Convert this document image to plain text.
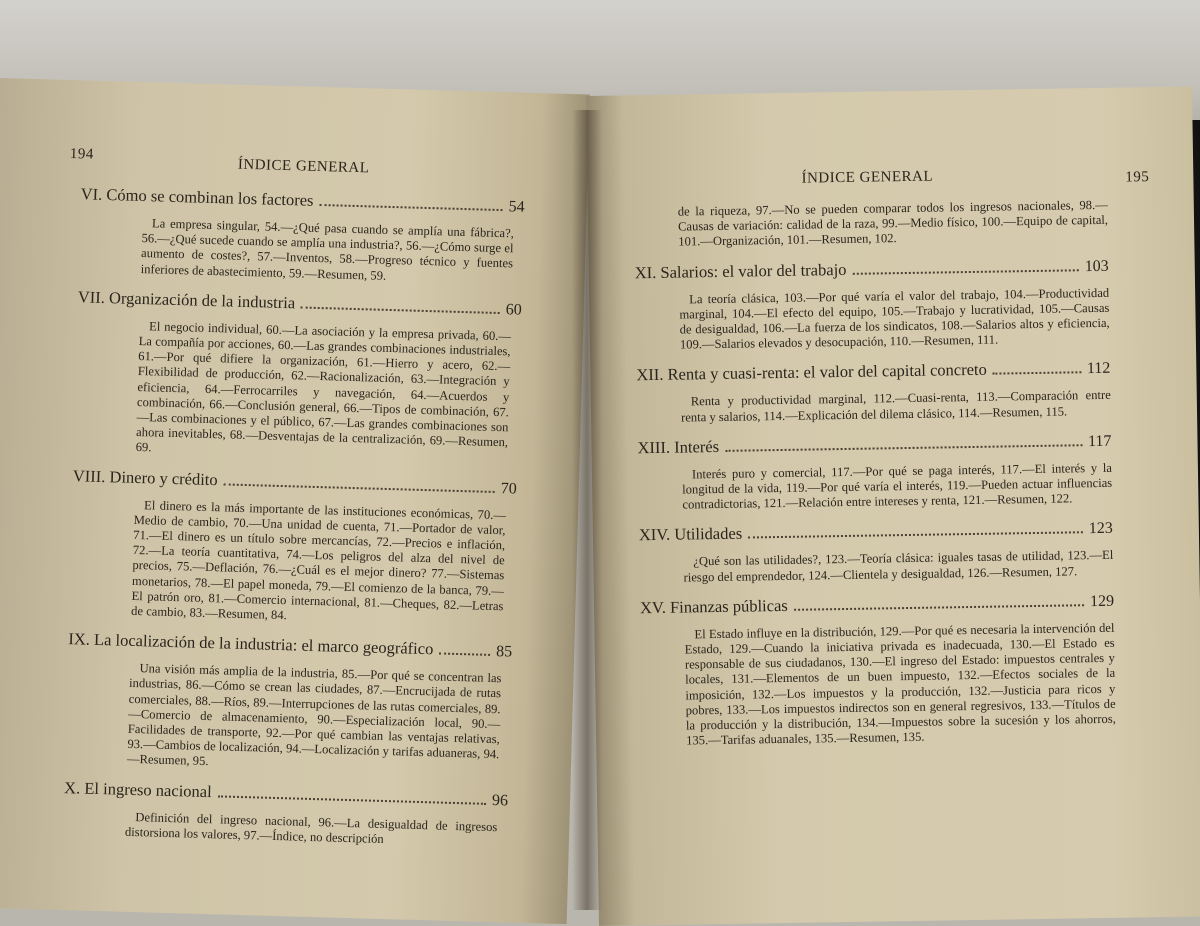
194
ÍNDICE GENERAL
VI. Cómo se combinan los factores	54
La empresa singular, 54.—¿Qué pasa cuando se amplía una fábrica?, 56.—¿Qué sucede cuando se amplía una industria?, 56.—¿Cómo surge el aumento de costes?, 57.—Inventos, 58.—Progreso técnico y fuentes inferiores de abastecimiento, 59.—Resumen, 59.
VII. Organización de la industria	60
El negocio individual, 60.—La asociación y la empresa privada, 60.—La compañía por acciones, 60.—Las grandes combinaciones industriales, 61.—Por qué difiere la organización, 61.—Hierro y acero, 62.—Flexibilidad de producción, 62.—Racionalización, 63.—Integración y eficiencia, 64.—Ferrocarriles y navegación, 64.—Acuerdos y combinación, 66.—Conclusión general, 66.—Tipos de combinación, 67.—Las combinaciones y el público, 67.—Las grandes combinaciones son ahora inevitables, 68.—Desventajas de la centralización, 69.—Resumen, 69.
VIII. Dinero y crédito	70
El dinero es la más importante de las instituciones económicas, 70.—Medio de cambio, 70.—Una unidad de cuenta, 71.—Portador de valor, 71.—El dinero es un título sobre mercancías, 72.—Precios e inflación, 72.—La teoría cuantitativa, 74.—Los peligros del alza del nivel de precios, 75.—Deflación, 76.—¿Cuál es el mejor dinero? 77.—Sistemas monetarios, 78.—El papel moneda, 79.—El comienzo de la banca, 79.—El patrón oro, 81.—Comercio internacional, 81.—Cheques, 82.—Letras de cambio, 83.—Resumen, 84.
IX. La localización de la industria: el marco geográfico	85
Una visión más amplia de la industria, 85.—Por qué se concentran las industrias, 86.—Cómo se crean las ciudades, 87.—Encrucijada de rutas comerciales, 88.—Ríos, 89.—Interrupciones de las rutas comerciales, 89.—Comercio de almacenamiento, 90.—Especialización local, 90.—Facilidades de transporte, 92.—Por qué cambian las ventajas relativas, 93.—Cambios de localización, 94.—Localización y tarifas aduaneras, 94.—Resumen, 95.
X. El ingreso nacional	96
Definición del ingreso nacional, 96.—La desigualdad de ingresos distorsiona los valores, 97.—Índice, no descripción
ÍNDICE GENERAL	195
de la riqueza, 97.—No se pueden comparar todos los ingresos nacionales, 98.—Causas de variación: calidad de la raza, 99.—Medio físico, 100.—Equipo de capital, 101.—Organización, 101.—Resumen, 102.
XI. Salarios: el valor del trabajo	103
La teoría clásica, 103.—Por qué varía el valor del trabajo, 104.—Productividad marginal, 104.—El efecto del equipo, 105.—Trabajo y lucratividad, 105.—Causas de desigualdad, 106.—La fuerza de los sindicatos, 108.—Salarios altos y eficiencia, 109.—Salarios elevados y desocupación, 110.—Resumen, 111.
XII. Renta y cuasi-renta: el valor del capital concreto	112
Renta y productividad marginal, 112.—Cuasi-renta, 113.—Comparación entre renta y salarios, 114.—Explicación del dilema clásico, 114.—Resumen, 115.
XIII. Interés	117
Interés puro y comercial, 117.—Por qué se paga interés, 117.—El interés y la longitud de la vida, 119.—Por qué varía el interés, 119.—Pueden actuar influencias contradictorias, 121.—Relación entre intereses y renta, 121.—Resumen, 122.
XIV. Utilidades	123
¿Qué son las utilidades?, 123.—Teoría clásica: iguales tasas de utilidad, 123.—El riesgo del emprendedor, 124.—Clientela y desigualdad, 126.—Resumen, 127.
XV. Finanzas públicas	129
El Estado influye en la distribución, 129.—Por qué es necesaria la intervención del Estado, 129.—Cuando la iniciativa privada es inadecuada, 130.—El Estado es responsable de sus ciudadanos, 130.—El ingreso del Estado: impuestos centrales y locales, 131.—Elementos de un buen impuesto, 132.—Efectos sociales de la imposición, 132.—Los impuestos y la producción, 132.—Justicia para ricos y pobres, 133.—Los impuestos indirectos son en general regresivos, 133.—Títulos de la producción y la distribución, 134.—Impuestos sobre la sucesión y los ahorros, 135.—Tarifas aduanales, 135.—Resumen, 135.
